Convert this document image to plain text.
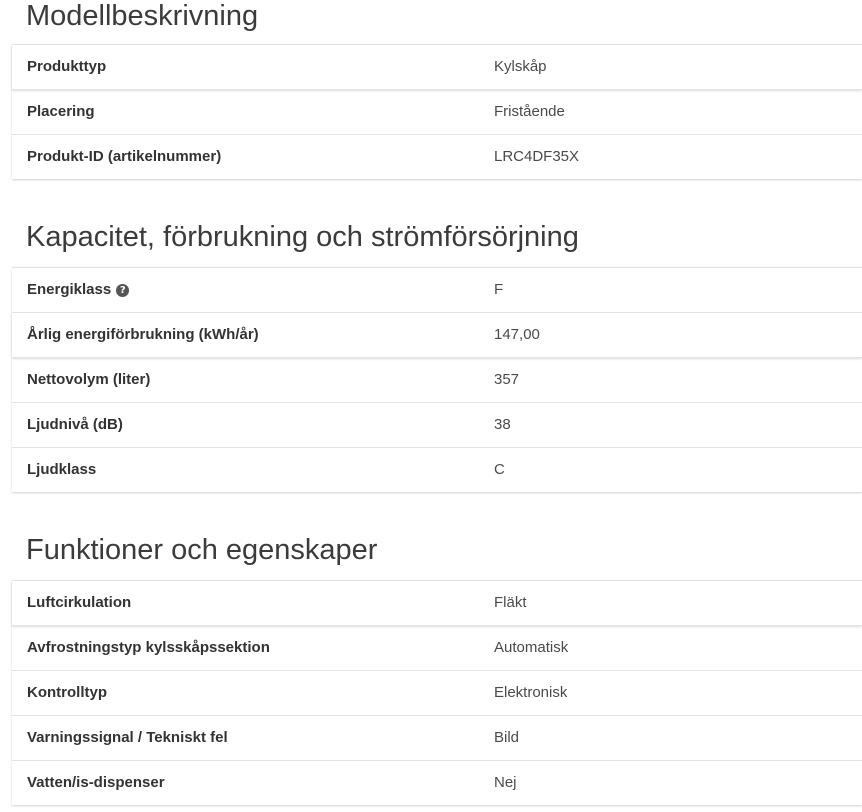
Modellbeskrivning
Produkttyp	Kylskåp
Placering	Fristående
Produkt-ID (artikelnummer)	LRC4DF35X
Kapacitet, förbrukning och strömförsörjning
Energiklass ?	F
Årlig energiförbrukning (kWh/år)	147,00
Nettovolym (liter)	357
Ljudnivå (dB)	38
Ljudklass	C
Funktioner och egenskaper
Luftcirkulation	Fläkt
Avfrostningstyp kylsskåpssektion	Automatisk
Kontrolltyp	Elektronisk
Varningssignal / Tekniskt fel	Bild
Vatten/is-dispenser	Nej
